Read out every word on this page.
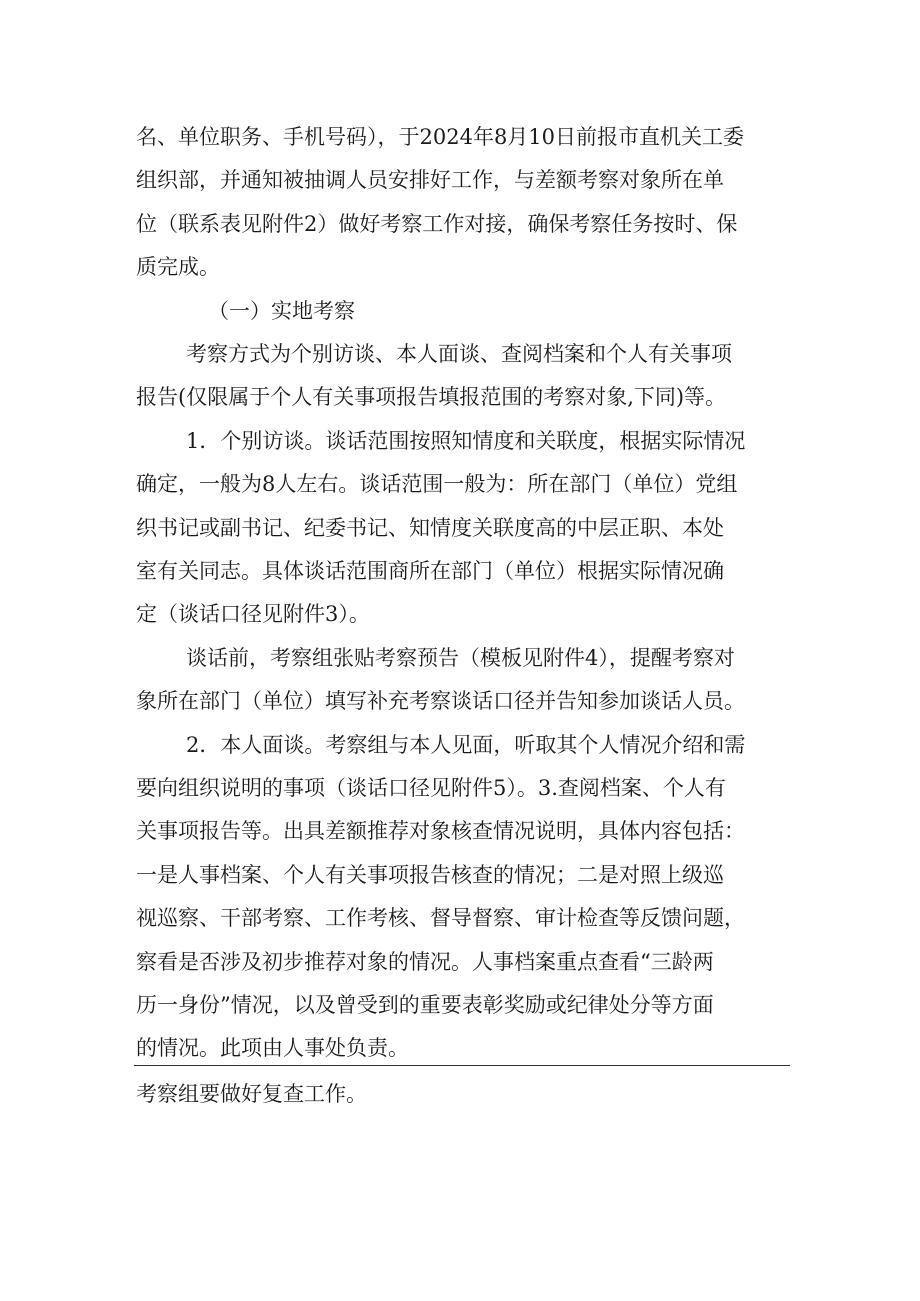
名、单位职务、手机号码），于2024年8月10日前报市直机关工委
组织部，并通知被抽调人员安排好工作，与差额考察对象所在单
位（联系表见附件2）做好考察工作对接，确保考察任务按时、保
质完成。
（一）实地考察
考察方式为个别访谈、本人面谈、查阅档案和个人有关事项
报告(仅限属于个人有关事项报告填报范围的考察对象,下同)等。
1．个别访谈。谈话范围按照知情度和关联度，根据实际情况
确定，一般为8人左右。谈话范围一般为：所在部门（单位）党组
织书记或副书记、纪委书记、知情度关联度高的中层正职、本处
室有关同志。具体谈话范围商所在部门（单位）根据实际情况确
定（谈话口径见附件3）。
谈话前，考察组张贴考察预告（模板见附件4），提醒考察对
象所在部门（单位）填写补充考察谈话口径并告知参加谈话人员。
2．本人面谈。考察组与本人见面，听取其个人情况介绍和需
要向组织说明的事项（谈话口径见附件5）。3.查阅档案、个人有
关事项报告等。出具差额推荐对象核查情况说明，具体内容包括：
一是人事档案、个人有关事项报告核查的情况；二是对照上级巡
视巡察、干部考察、工作考核、督导督察、审计检查等反馈问题，
察看是否涉及初步推荐对象的情况。人事档案重点查看“三龄两
历一身份”情况，以及曾受到的重要表彰奖励或纪律处分等方面
的情况。此项由人事处负责。
考察组要做好复查工作。
